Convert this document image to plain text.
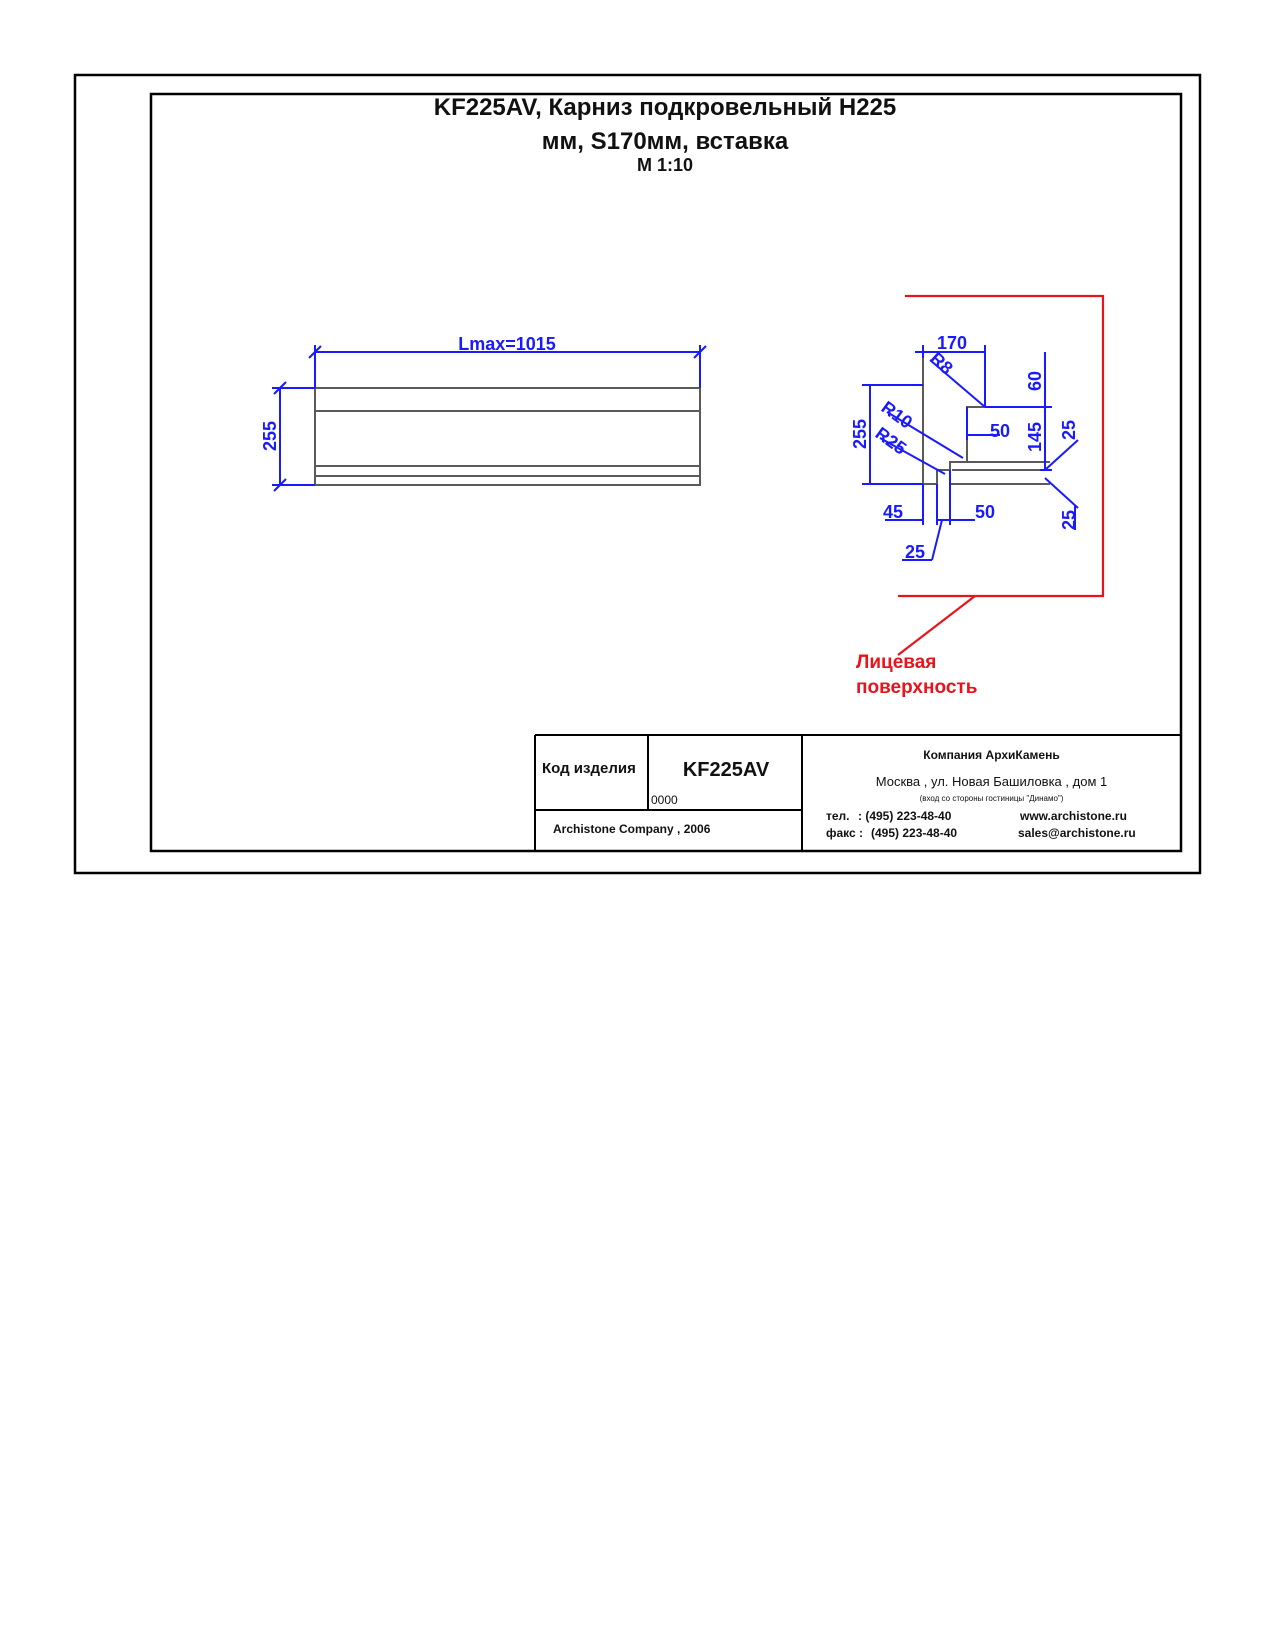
Lmax=1015
255
170
R8
60
R10
255 R25	50 145 25
45	50	25
25
KF225AV, Карниз подкровельный H225
мм, S170мм, вставка
М 1:10
Лицевая
поверхность
Код изделия	KF225AV
0000
Archistone Company , 2006
Компания АрхиКамень
Москва , ул. Новая Башиловка , дом 1
(вход со стороны гостиницы "Динамо")
тел. : (495) 223-48-40
факс : (495) 223-48-40
www.archistone.ru
sales@archistone.ru
